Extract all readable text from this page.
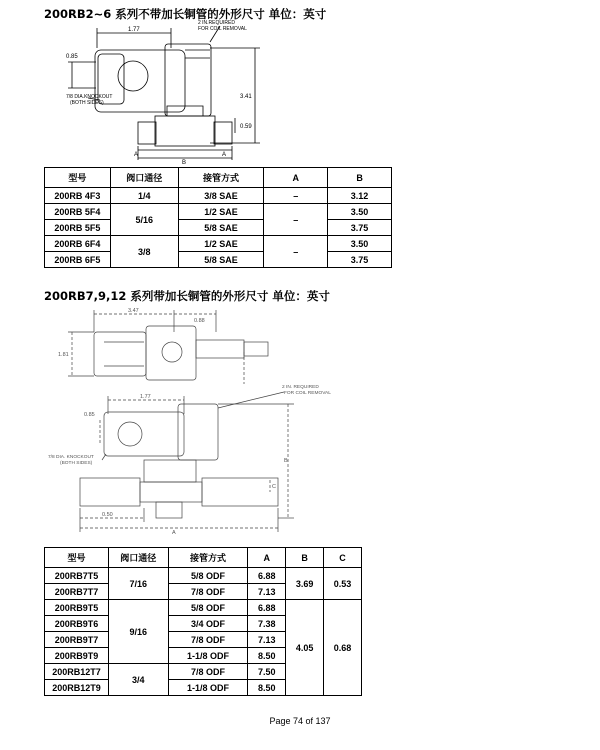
200RB2~6 系列不带加长铜管的外形尺寸 单位：英寸
1.77
2 IN.REQUIRED
FOR COIL REMOVAL
0.85
3.41
0.59
7/8 DIA.KNOCKOUT
(BOTH SIDES)
A	A
B
型号	阀口通径	接管方式	A	B
200RB 4F3	1/4	3/8 SAE	–	3.12
200RB 5F4	5/16	1/2 SAE	–	3.50
200RB 5F5		5/8 SAE		3.75
200RB 6F4	3/8	1/2 SAE	–	3.50
200RB 6F5		5/8 SAE		3.75
200RB7,9,12 系列带加长铜管的外形尺寸 单位：英寸
3.47
0.88
1.81
1.77
2 IN. REQUIRED
FOR COIL REMOVAL
0.85
7/8 DIA. KNOCKOUT
(BOTH SIDES)	B
C
0.50
A
型号	阀口通径	接管方式	A	B	C
200RB7T5	7/16	5/8 ODF	6.88	3.69	0.53
200RB7T7		7/8 ODF	7.13		
200RB9T5	9/16	5/8 ODF	6.88	4.05	0.68
200RB9T6		3/4 ODF	7.38		
200RB9T7		7/8 ODF	7.13		
200RB9T9		1-1/8 ODF	8.50		
200RB12T7	3/4	7/8 ODF	7.50		
200RB12T9		1-1/8 ODF	8.50		
Page 74 of 137
